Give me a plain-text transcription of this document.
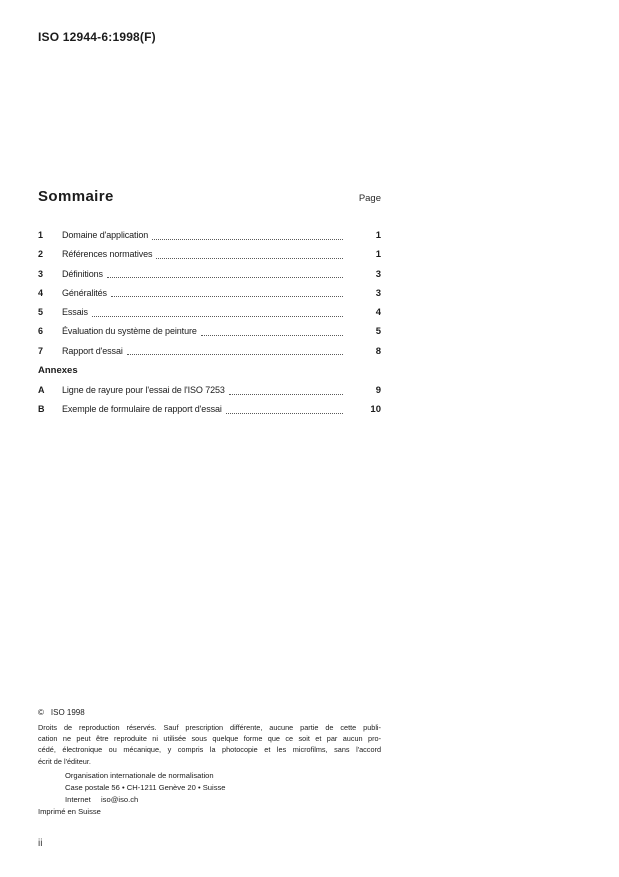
ISO 12944-6:1998(F)
Sommaire	Page
1	Domaine d'application	1
2	Références normatives	1
3	Définitions	3
4	Généralités	3
5	Essais	4
6	Évaluation du système de peinture	5
7	Rapport d'essai	8
Annexes
A	Ligne de rayure pour l'essai de l'ISO 7253	9
B	Exemple de formulaire de rapport d'essai	10
© ISO 1998
Droits de reproduction réservés. Sauf prescription différente, aucune partie de cette publi-
cation ne peut être reproduite ni utilisée sous quelque forme que ce soit et par aucun pro-
cédé, électronique ou mécanique, y compris la photocopie et les microfilms, sans l'accord
écrit de l'éditeur.
Organisation internationale de normalisation
Case postale 56 • CH-1211 Genève 20 • Suisse
Internet iso@iso.ch
Imprimé en Suisse
ii
